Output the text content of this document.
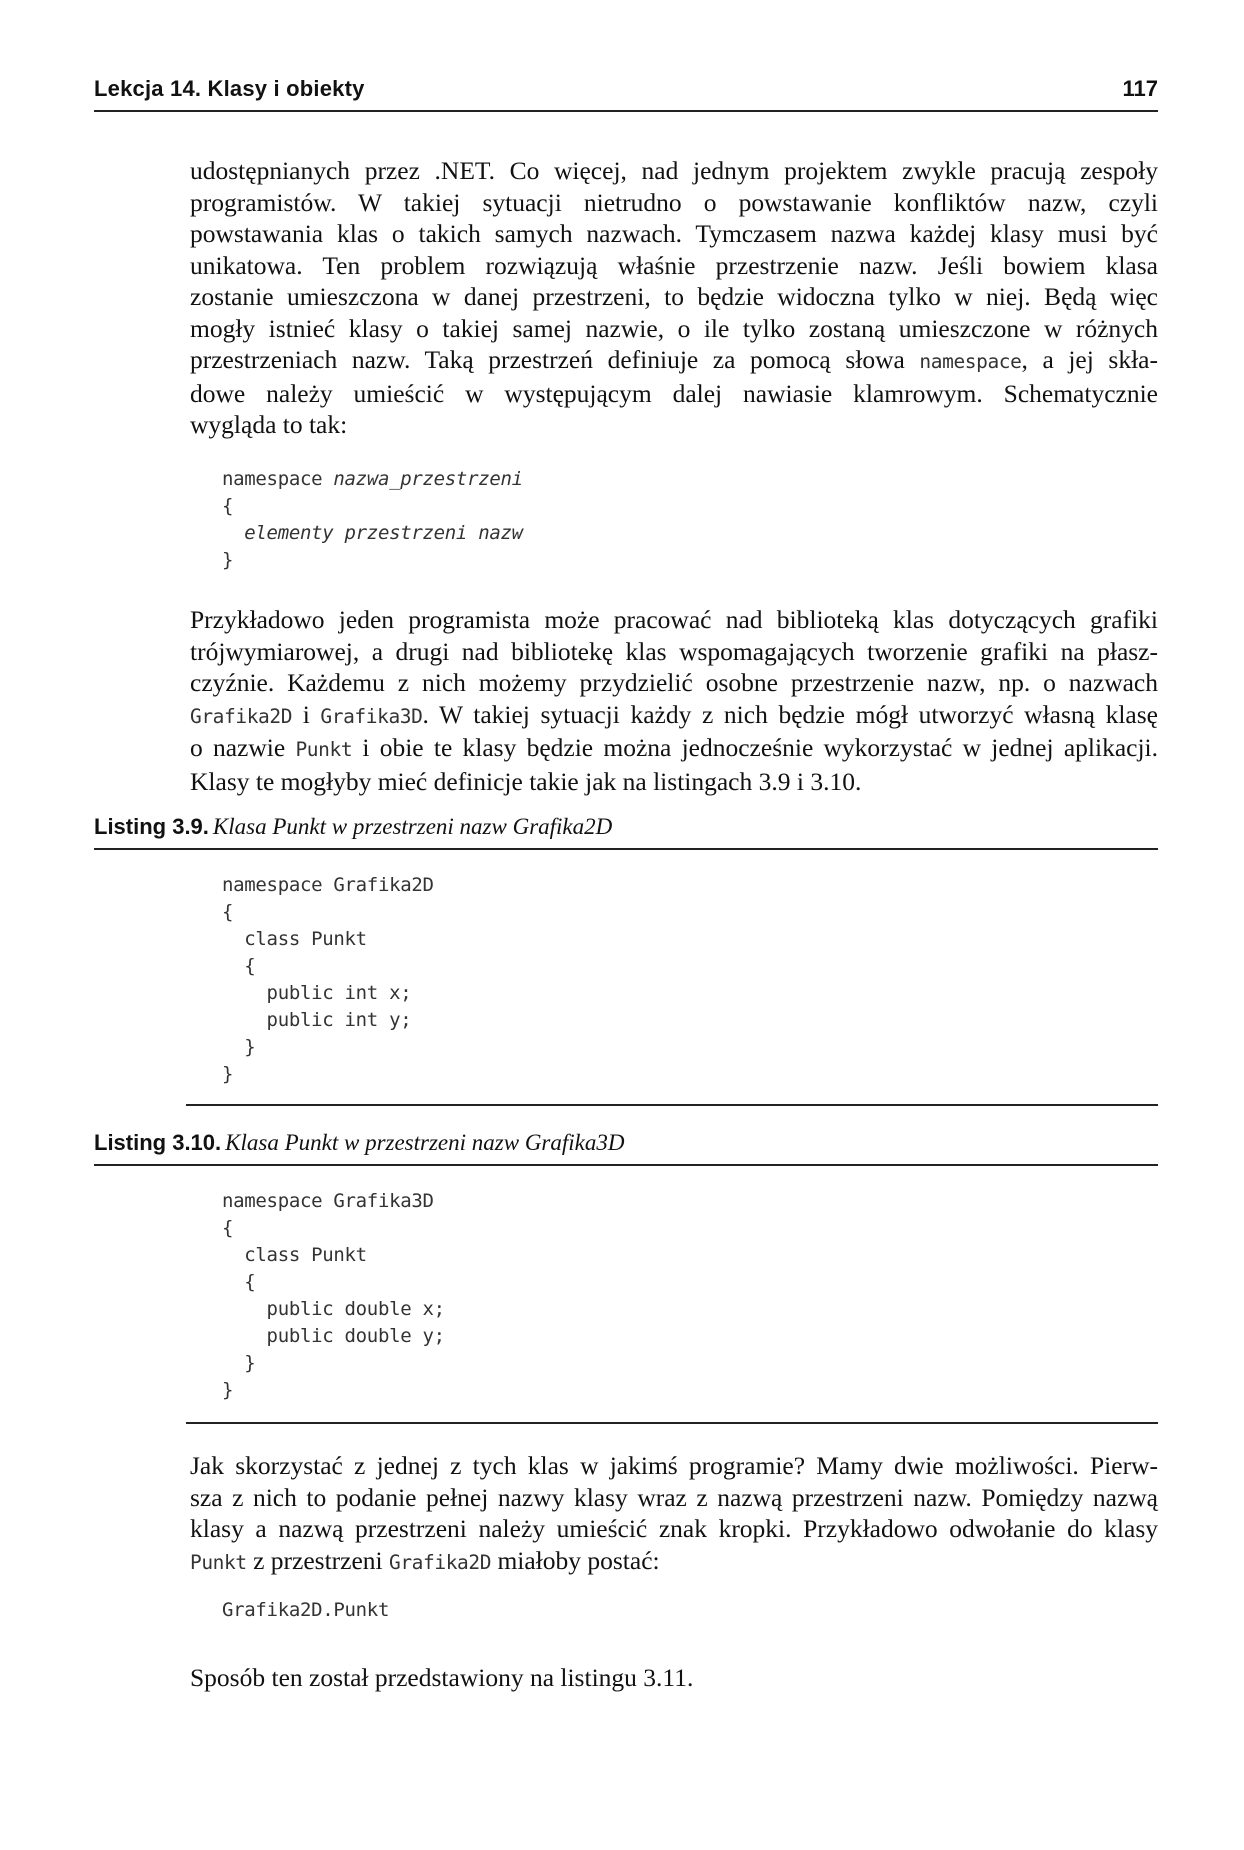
Lekcja 14. Klasy i obiekty	117
udostępnianych przez .NET. Co więcej, nad jednym projektem zwykle pracują zespoły
programistów. W takiej sytuacji nietrudno o powstawanie konfliktów nazw, czyli
powstawania klas o takich samych nazwach. Tymczasem nazwa każdej klasy musi być
unikatowa. Ten problem rozwiązują właśnie przestrzenie nazw. Jeśli bowiem klasa
zostanie umieszczona w danej przestrzeni, to będzie widoczna tylko w niej. Będą więc
mogły istnieć klasy o takiej samej nazwie, o ile tylko zostaną umieszczone w różnych
przestrzeniach nazw. Taką przestrzeń definiuje za pomocą słowa namespace, a jej skła-
dowe należy umieścić w występującym dalej nawiasie klamrowym. Schematycznie
wygląda to tak:
namespace nazwa_przestrzeni
{
elementy przestrzeni nazw
}
Przykładowo jeden programista może pracować nad biblioteką klas dotyczących grafiki
trójwymiarowej, a drugi nad bibliotekę klas wspomagających tworzenie grafiki na płasz-
czyźnie. Każdemu z nich możemy przydzielić osobne przestrzenie nazw, np. o nazwach
Grafika2D i Grafika3D. W takiej sytuacji każdy z nich będzie mógł utworzyć własną klasę
o nazwie Punkt i obie te klasy będzie można jednocześnie wykorzystać w jednej aplikacji.
Klasy te mogłyby mieć definicje takie jak na listingach 3.9 i 3.10.
Listing 3.9. Klasa Punkt w przestrzeni nazw Grafika2D
namespace Grafika2D
{
class Punkt
{
public int x;
public int y;
}
}
Listing 3.10. Klasa Punkt w przestrzeni nazw Grafika3D
namespace Grafika3D
{
class Punkt
{
public double x;
public double y;
}
}
Jak skorzystać z jednej z tych klas w jakimś programie? Mamy dwie możliwości. Pierw-
sza z nich to podanie pełnej nazwy klasy wraz z nazwą przestrzeni nazw. Pomiędzy nazwą
klasy a nazwą przestrzeni należy umieścić znak kropki. Przykładowo odwołanie do klasy
Punkt z przestrzeni Grafika2D miałoby postać:
Grafika2D.Punkt
Sposób ten został przedstawiony na listingu 3.11.
